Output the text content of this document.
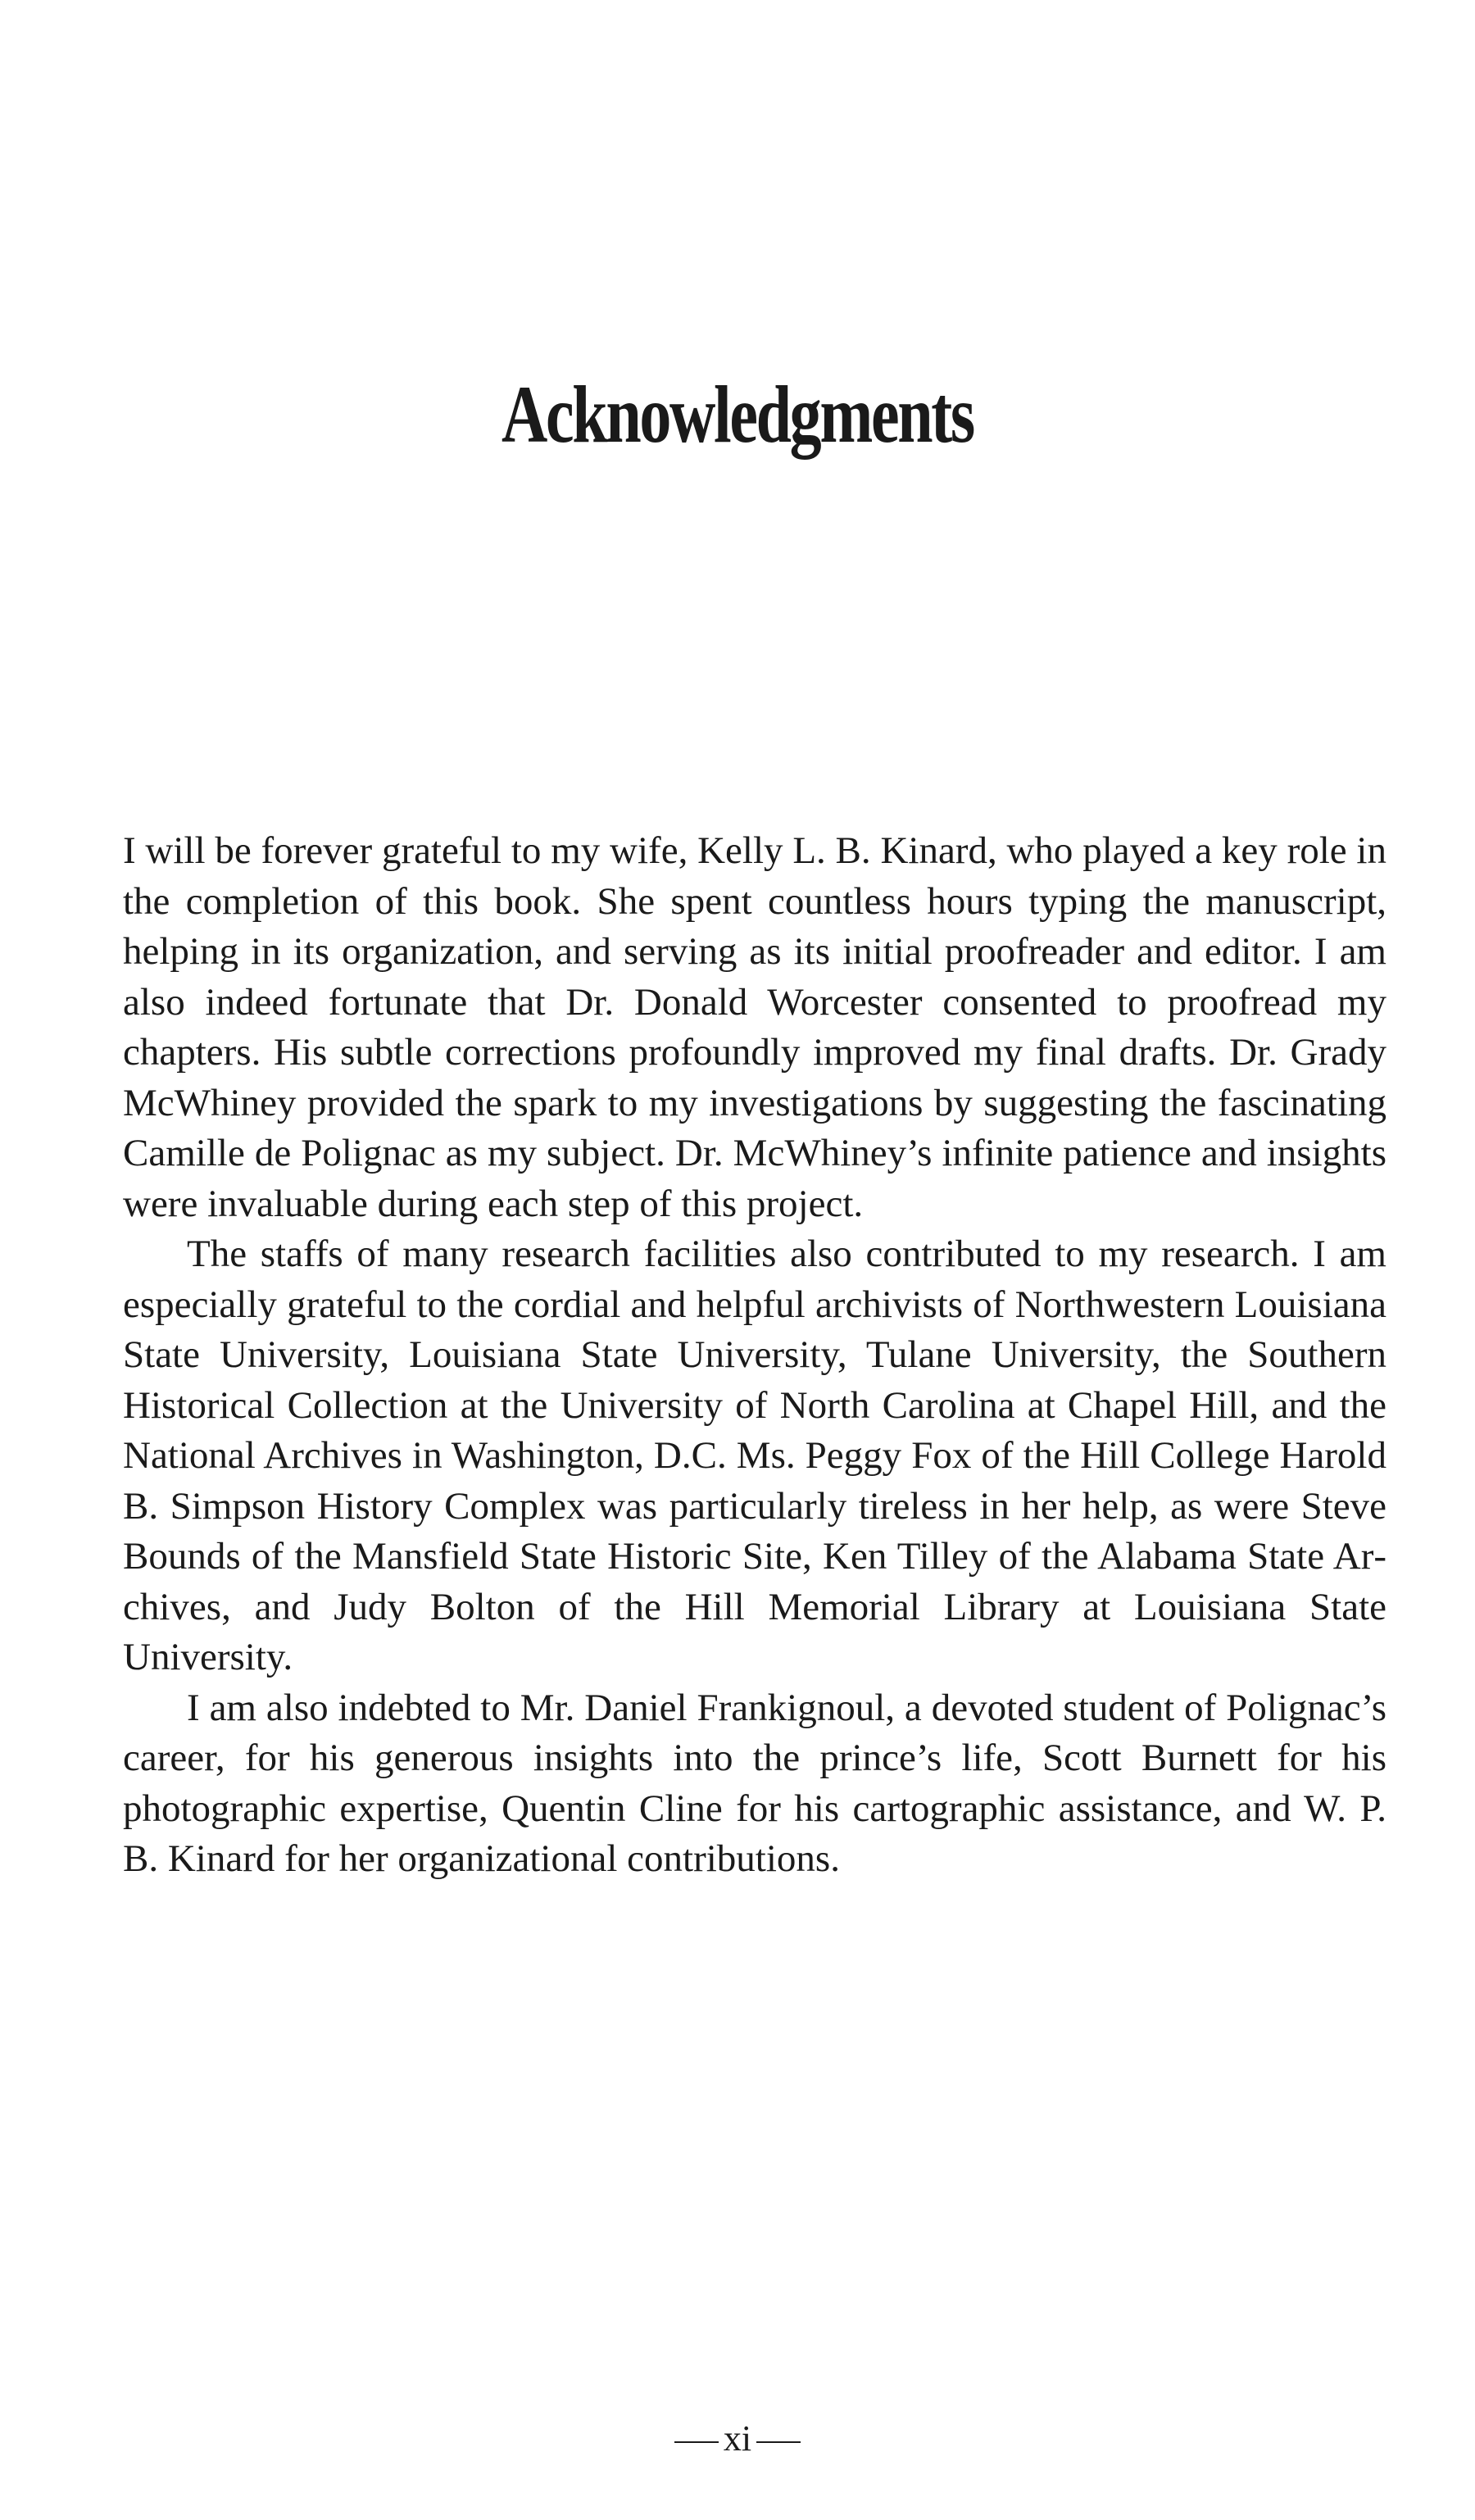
Acknowledgments

I will be forever grateful to my wife, Kelly L. B. Kinard, who played a key role in the completion of this book. She spent countless hours typing the manuscript, helping in its organization, and serving as its initial proofreader and editor. I am also indeed fortunate that Dr. Donald Worcester consented to proofread my chapters. His subtle corrections profoundly improved my final drafts. Dr. Grady McWhiney provided the spark to my investigations by suggesting the fascinating Camille de Polignac as my subject. Dr. McWhiney’s infinite patience and insights were invaluable during each step of this project.

The staffs of many research facilities also contributed to my research. I am especially grateful to the cordial and helpful archivists of Northwestern Louisiana State University, Louisiana State University, Tulane University, the Southern Historical Collection at the University of North Carolina at Chapel Hill, and the National Archives in Washington, D.C. Ms. Peggy Fox of the Hill College Harold B. Simpson History Complex was particularly tireless in her help, as were Steve Bounds of the Mansfield State Historic Site, Ken Tilley of the Alabama State Archives, and Judy Bolton of the Hill Memorial Library at Louisiana State University.

I am also indebted to Mr. Daniel Frankignoul, a devoted student of Polignac’s career, for his generous insights into the prince’s life, Scott Burnett for his photographic expertise, Quentin Cline for his cartographic assistance, and W. P. B. Kinard for her organizational contributions.

xi
